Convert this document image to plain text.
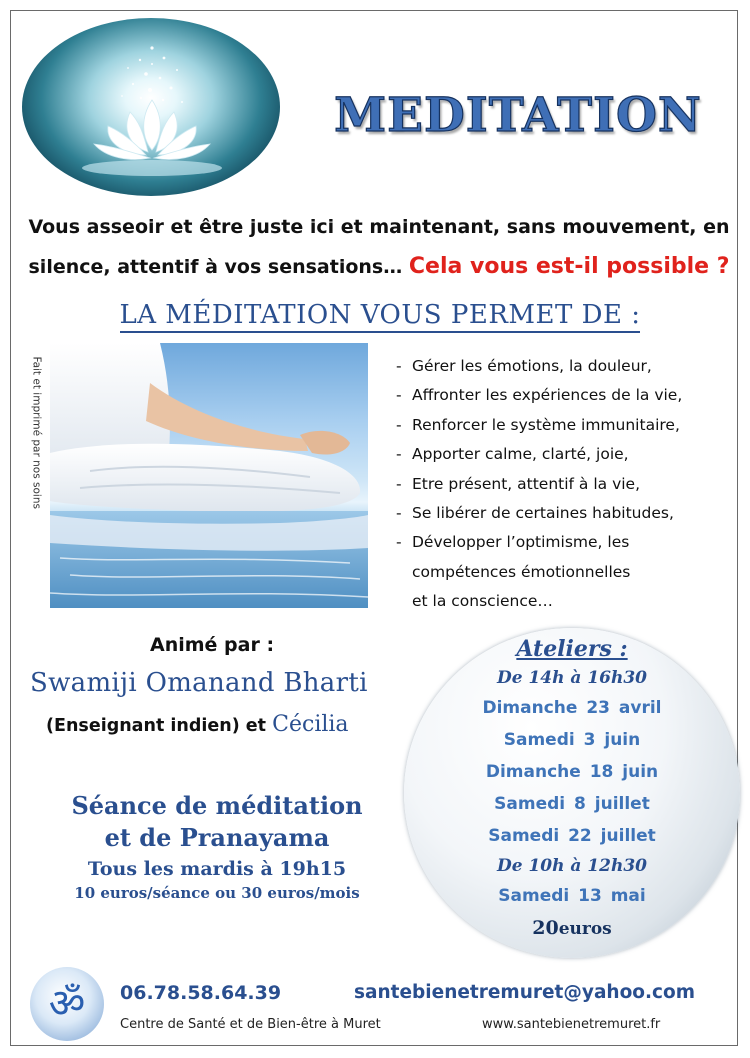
MEDITATION
Vous asseoir et être juste ici et maintenant, sans mouvement, en
silence, attentif à vos sensations… Cela vous est-il possible ?
LA MÉDITATION VOUS PERMET DE :
Fait et imprimé par nos soins	- Gérer les émotions, la douleur,
- Affronter les expériences de la vie,
- Renforcer le système immunitaire,
- Apporter calme, clarté, joie,
- Etre présent, attentif à la vie,
- Se libérer de certaines habitudes,
- Développer l’optimisme, les
compétences émotionnelles
et la conscience…
Animé par :
Swamiji Omanand Bharti
(Enseignant indien) et Cécilia
Séance de méditation
et de Pranayama
Tous les mardis à 19h15
10 euros/séance ou 30 euros/mois
Ateliers :
De 14h à 16h30
Dimanche 23 avril
Samedi 3 juin
Dimanche 18 juin
Samedi 8 juillet
Samedi 22 juillet
De 10h à 12h30
Samedi 13 mai
20euros
ॐ	06.78.58.64.39	santebienetremuret@yahoo.com
Centre de Santé et de Bien-être à Muret	www.santebienetremuret.fr
